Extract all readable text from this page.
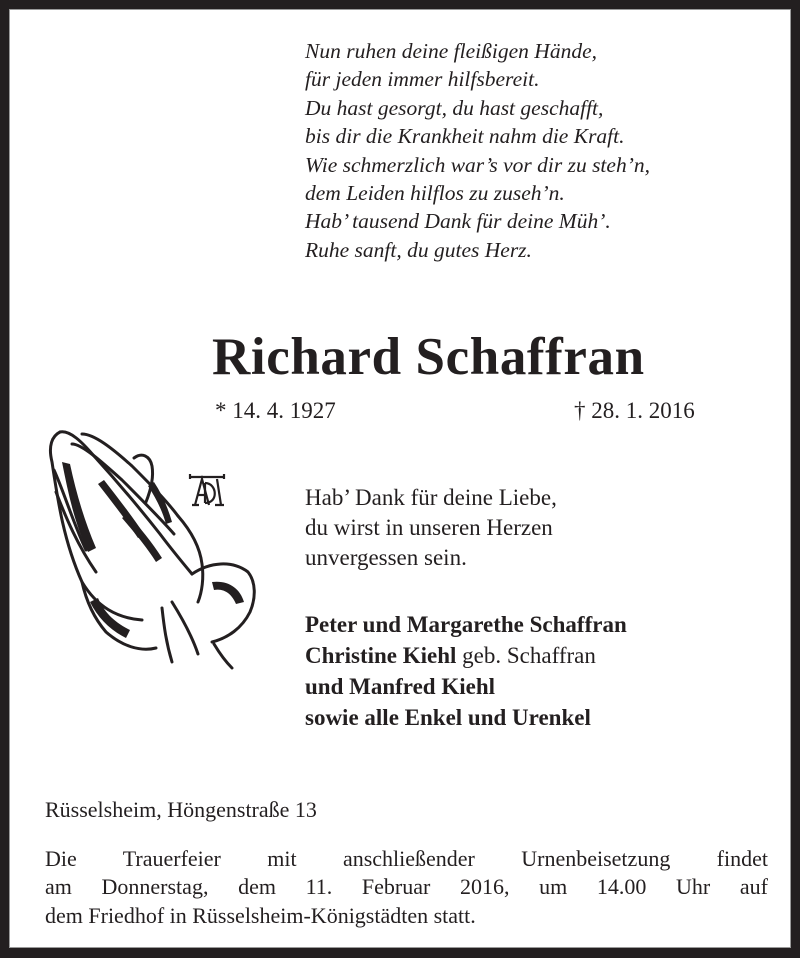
Nun ruhen deine fleißigen Hände,
für jeden immer hilfsbereit.
Du hast gesorgt, du hast geschafft,
bis dir die Krankheit nahm die Kraft.
Wie schmerzlich war’s vor dir zu steh’n,
dem Leiden hilflos zu zuseh’n.
Hab’ tausend Dank für deine Müh’.
Ruhe sanft, du gutes Herz.
Richard Schaffran
* 14. 4. 1927	† 28. 1. 2016
Hab’ Dank für deine Liebe,
du wirst in unseren Herzen
unvergessen sein.
Peter und Margarethe Schaffran
Christine Kiehl geb. Schaffran
und Manfred Kiehl
sowie alle Enkel und Urenkel
Rüsselsheim, Höngenstraße 13
Die Trauerfeier mit anschließender Urnenbeisetzung findet
am Donnerstag, dem 11. Februar 2016, um 14.00 Uhr auf
dem Friedhof in Rüsselsheim-Königstädten statt.
